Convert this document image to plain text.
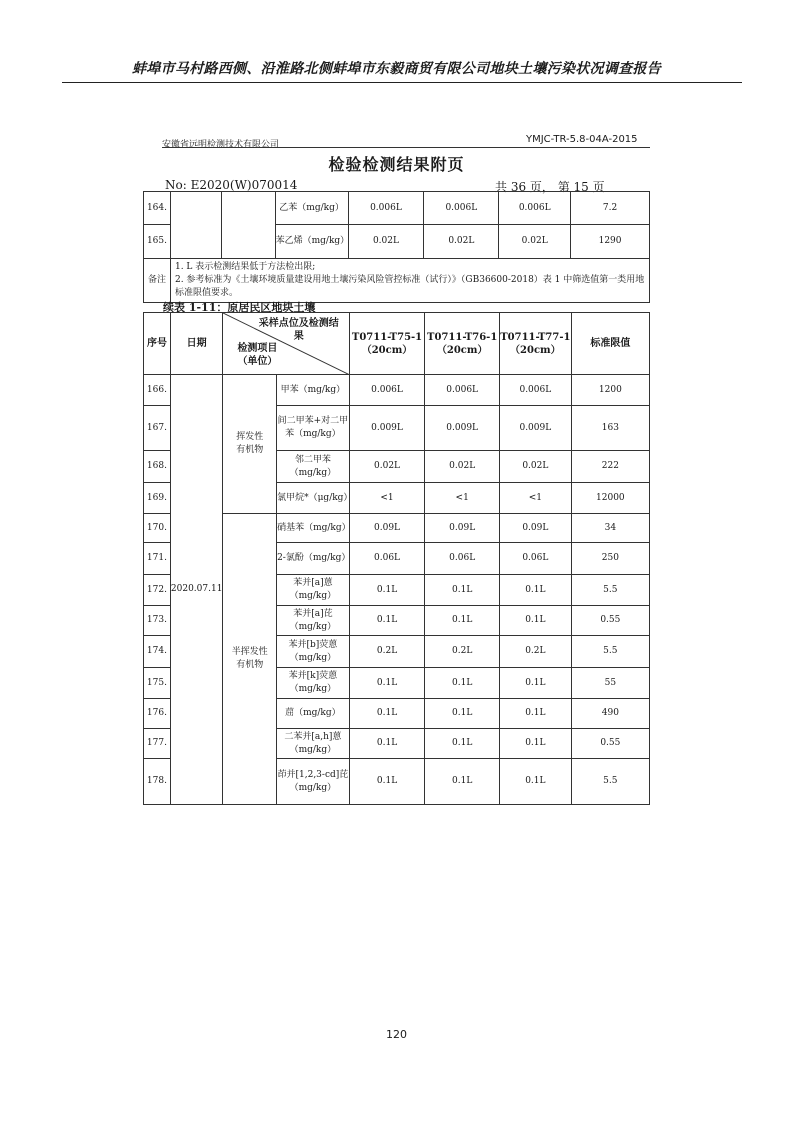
蚌埠市马村路西侧、沿淮路北侧蚌埠市东毅商贸有限公司地块土壤污染状况调查报告
安徽省远明检测技术有限公司	YMJC-TR-5.8-04A-2015
检验检测结果附页
No: E2020(W)070014	共 36 页， 第 15 页
164.			乙苯（mg/kg）	0.006L	0.006L	0.006L	7.2
165.			苯乙烯（mg/kg）	0.02L	0.02L	0.02L	1290
备注	1. L 表示检测结果低于方法检出限;
2. 参考标准为《土壤环境质量建设用地土壤污染风险管控标准（试行）》（GB36600-2018）表 1 中筛选值第一类用地标准限值要求。						
续表 1-11：原居民区地块土壤
序号	日期	采样点位及检测结果
检测项目（单位）		T0711-T75-1（20cm）	T0711-T76-1（20cm）	T0711-T77-1（20cm）	标准限值
166.	2020.07.11	挥发性有机物	甲苯（mg/kg）	0.006L	0.006L	0.006L	1200
167.			间二甲苯+对二甲苯（mg/kg）	0.009L	0.009L	0.009L	163
168.			邻二甲苯（mg/kg）	0.02L	0.02L	0.02L	222
169.			氯甲烷*（μg/kg）	<1	<1	<1	12000
170.		半挥发性有机物	硝基苯（mg/kg）	0.09L	0.09L	0.09L	34
171.			2-氯酚（mg/kg）	0.06L	0.06L	0.06L	250
172.			苯并[a]蒽（mg/kg）	0.1L	0.1L	0.1L	5.5
173.			苯并[a]芘（mg/kg）	0.1L	0.1L	0.1L	0.55
174.			苯并[b]荧蒽（mg/kg）	0.2L	0.2L	0.2L	5.5
175.			苯并[k]荧蒽（mg/kg）	0.1L	0.1L	0.1L	55
176.			䓛（mg/kg）	0.1L	0.1L	0.1L	490
177.			二苯并[a,h]蒽（mg/kg）	0.1L	0.1L	0.1L	0.55
178.			茚并[1,2,3-cd]芘（mg/kg）	0.1L	0.1L	0.1L	5.5
120
